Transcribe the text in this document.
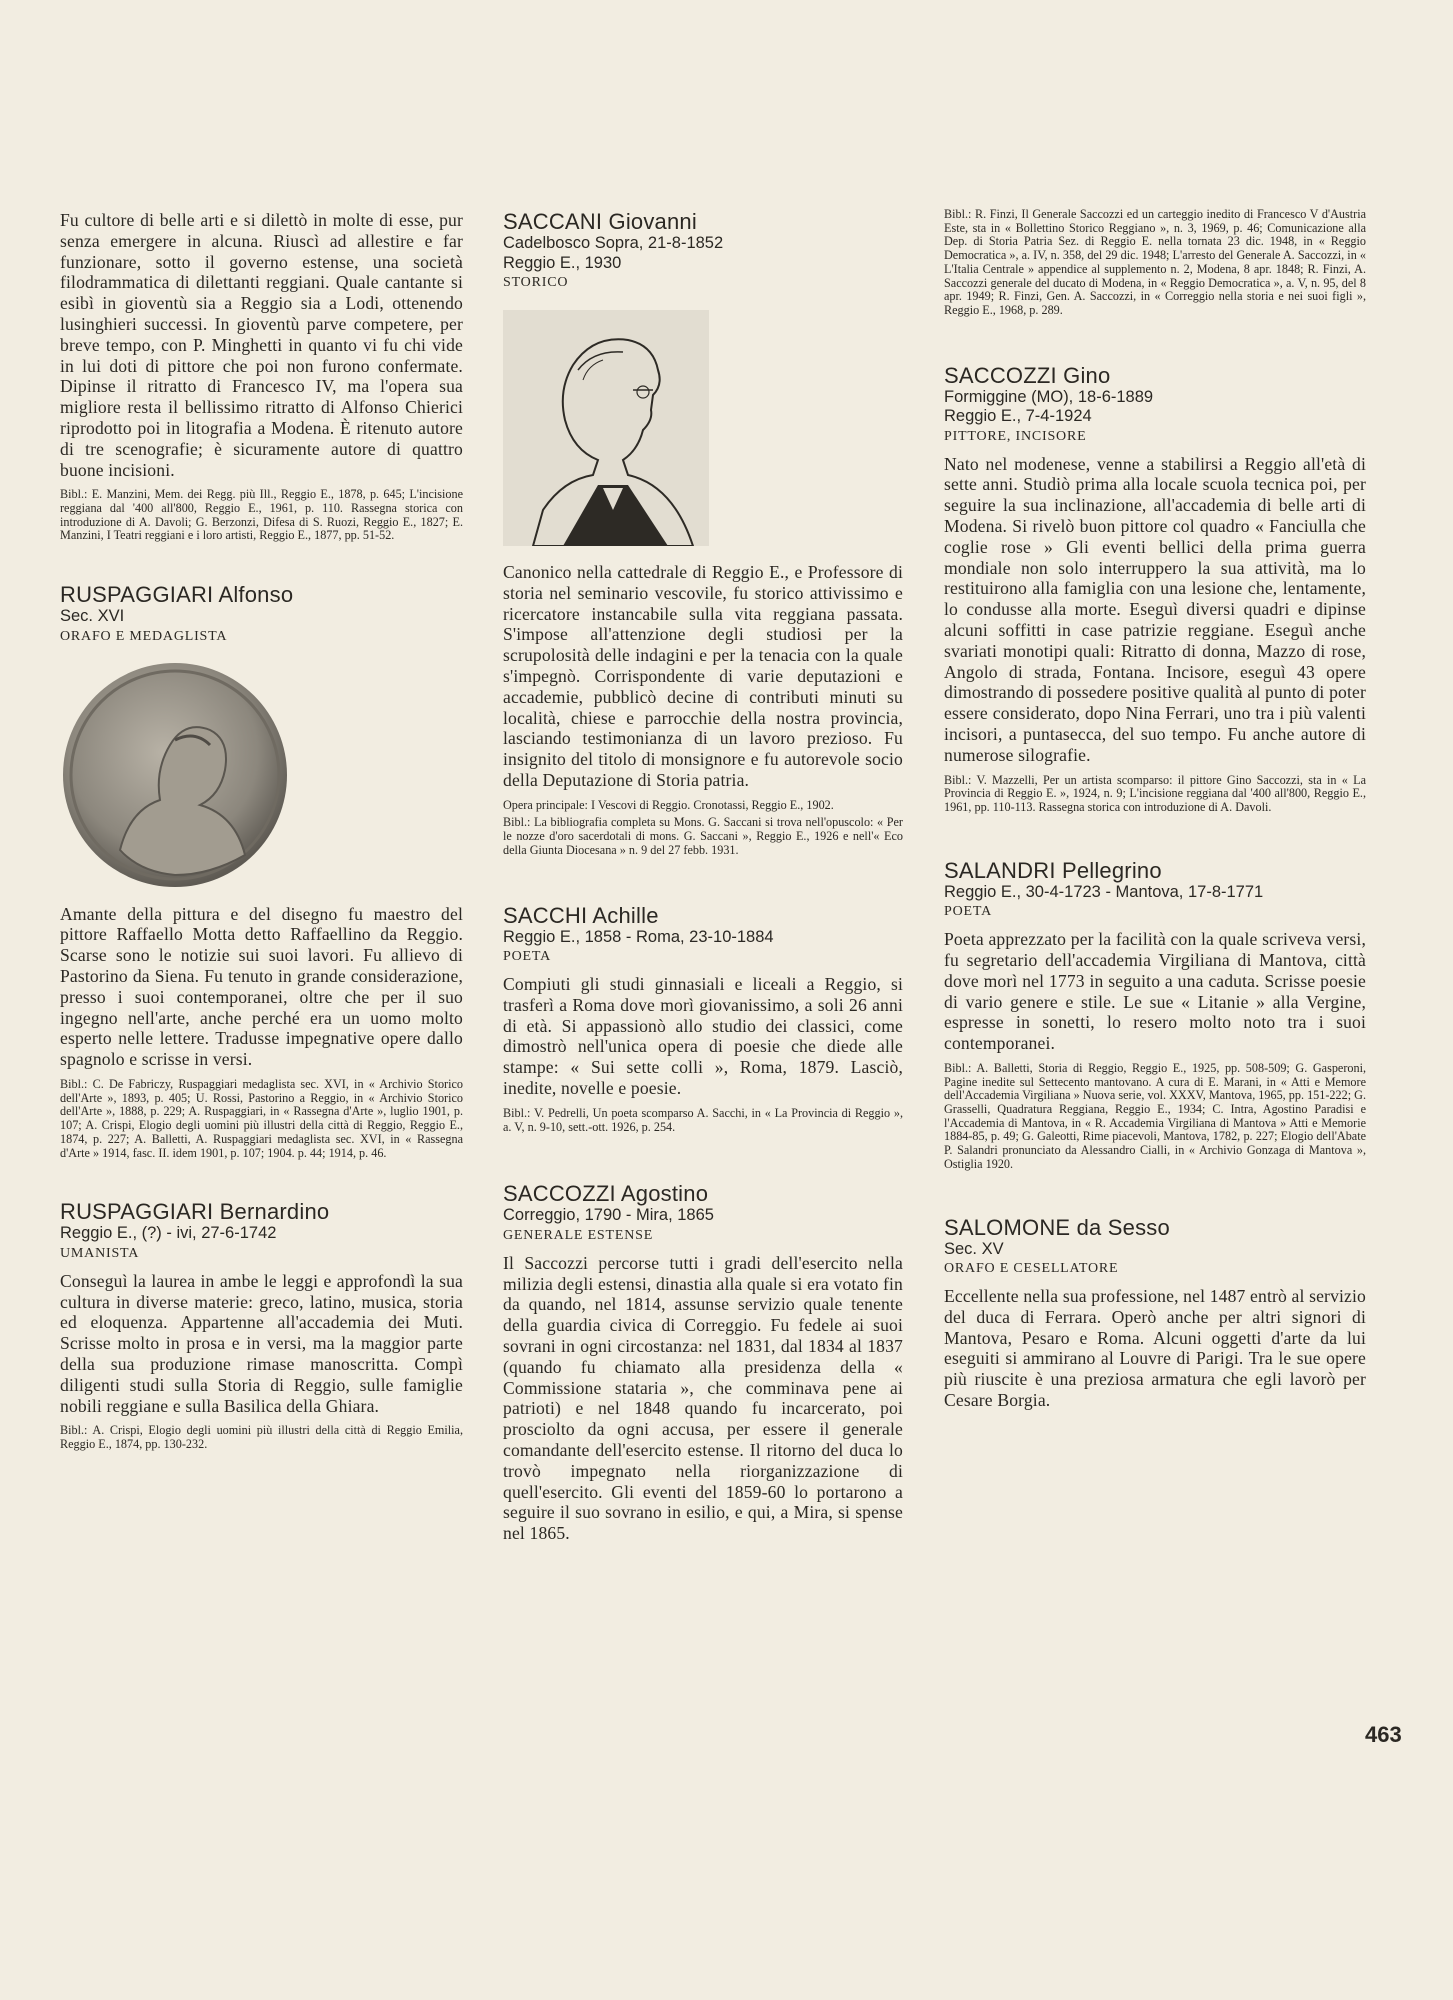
Fu cultore di belle arti e si dilettò in molte di esse, pur senza emergere in alcuna. Riuscì ad allestire e far funzionare, sotto il governo estense, una società filodrammatica di dilettanti reggiani. Quale cantante si esibì in gioventù sia a Reggio sia a Lodi, ottenendo lusinghieri successi. In gioventù parve competere, per breve tempo, con P. Minghetti in quanto vi fu chi vide in lui doti di pittore che poi non furono confermate. Dipinse il ritratto di Francesco IV, ma l'opera sua migliore resta il bellissimo ritratto di Alfonso Chierici riprodotto poi in litografia a Modena. È ritenuto autore di tre scenografie; è sicuramente autore di quattro buone incisioni.

Bibl.: E. Manzini, Mem. dei Regg. più Ill., Reggio E., 1878, p. 645; L'incisione reggiana dal '400 all'800, Reggio E., 1961, p. 110. Rassegna storica con introduzione di A. Davoli; G. Berzonzi, Difesa di S. Ruozi, Reggio E., 1827; E. Manzini, I Teatri reggiani e i loro artisti, Reggio E., 1877, pp. 51-52.

RUSPAGGIARI Alfonso

Sec. XVI

ORAFO E MEDAGLISTA

Amante della pittura e del disegno fu maestro del pittore Raffaello Motta detto Raffaellino da Reggio. Scarse sono le notizie sui suoi lavori. Fu allievo di Pastorino da Siena. Fu tenuto in grande considerazione, presso i suoi contemporanei, oltre che per il suo ingegno nell'arte, anche perché era un uomo molto esperto nelle lettere. Tradusse impegnative opere dallo spagnolo e scrisse in versi.

Bibl.: C. De Fabriczy, Ruspaggiari medaglista sec. XVI, in « Archivio Storico dell'Arte », 1893, p. 405; U. Rossi, Pastorino a Reggio, in « Archivio Storico dell'Arte », 1888, p. 229; A. Ruspaggiari, in « Rassegna d'Arte », luglio 1901, p. 107; A. Crispi, Elogio degli uomini più illustri della città di Reggio, Reggio E., 1874, p. 227; A. Balletti, A. Ruspaggiari medaglista sec. XVI, in « Rassegna d'Arte » 1914, fasc. II. idem 1901, p. 107; 1904. p. 44; 1914, p. 46.

RUSPAGGIARI Bernardino

Reggio E., (?) - ivi, 27-6-1742

UMANISTA

Conseguì la laurea in ambe le leggi e approfondì la sua cultura in diverse materie: greco, latino, musica, storia ed eloquenza. Appartenne all'accademia dei Muti. Scrisse molto in prosa e in versi, ma la maggior parte della sua produzione rimase manoscritta. Compì diligenti studi sulla Storia di Reggio, sulle famiglie nobili reggiane e sulla Basilica della Ghiara.

Bibl.: A. Crispi, Elogio degli uomini più illustri della città di Reggio Emilia, Reggio E., 1874, pp. 130-232.

SACCANI Giovanni

Cadelbosco Sopra, 21-8-1852

Reggio E., 1930

STORICO

Canonico nella cattedrale di Reggio E., e Professore di storia nel seminario vescovile, fu storico attivissimo e ricercatore instancabile sulla vita reggiana passata. S'impose all'attenzione degli studiosi per la scrupolosità delle indagini e per la tenacia con la quale s'impegnò. Corrispondente di varie deputazioni e accademie, pubblicò decine di contributi minuti su località, chiese e parrocchie della nostra provincia, lasciando testimonianza di un lavoro prezioso. Fu insignito del titolo di monsignore e fu autorevole socio della Deputazione di Storia patria.

Opera principale: I Vescovi di Reggio. Cronotassi, Reggio E., 1902.

Bibl.: La bibliografia completa su Mons. G. Saccani si trova nell'opuscolo: « Per le nozze d'oro sacerdotali di mons. G. Saccani », Reggio E., 1926 e nell'« Eco della Giunta Diocesana » n. 9 del 27 febb. 1931.

SACCHI Achille

Reggio E., 1858 - Roma, 23-10-1884

POETA

Compiuti gli studi ginnasiali e liceali a Reggio, si trasferì a Roma dove morì giovanissimo, a soli 26 anni di età. Si appassionò allo studio dei classici, come dimostrò nell'unica opera di poesie che diede alle stampe: « Sui sette colli », Roma, 1879. Lasciò, inedite, novelle e poesie.

Bibl.: V. Pedrelli, Un poeta scomparso A. Sacchi, in « La Provincia di Reggio », a. V, n. 9-10, sett.-ott. 1926, p. 254.

SACCOZZI Agostino

Correggio, 1790 - Mira, 1865

GENERALE ESTENSE

Il Saccozzi percorse tutti i gradi dell'esercito nella milizia degli estensi, dinastia alla quale si era votato fin da quando, nel 1814, assunse servizio quale tenente della guardia civica di Correggio. Fu fedele ai suoi sovrani in ogni circostanza: nel 1831, dal 1834 al 1837 (quando fu chiamato alla presidenza della « Commissione stataria », che comminava pene ai patrioti) e nel 1848 quando fu incarcerato, poi prosciolto da ogni accusa, per essere il generale comandante dell'esercito estense. Il ritorno del duca lo trovò impegnato nella riorganizzazione di quell'esercito. Gli eventi del 1859-60 lo portarono a seguire il suo sovrano in esilio, e qui, a Mira, si spense nel 1865.

Bibl.: R. Finzi, Il Generale Saccozzi ed un carteggio inedito di Francesco V d'Austria Este, sta in « Bollettino Storico Reggiano », n. 3, 1969, p. 46; Comunicazione alla Dep. di Storia Patria Sez. di Reggio E. nella tornata 23 dic. 1948, in « Reggio Democratica », a. IV, n. 358, del 29 dic. 1948; L'arresto del Generale A. Saccozzi, in « L'Italia Centrale » appendice al supplemento n. 2, Modena, 8 apr. 1848; R. Finzi, A. Saccozzi generale del ducato di Modena, in « Reggio Democratica », a. V, n. 95, del 8 apr. 1949; R. Finzi, Gen. A. Saccozzi, in « Correggio nella storia e nei suoi figli », Reggio E., 1968, p. 289.

SACCOZZI Gino

Formiggine (MO), 18-6-1889

Reggio E., 7-4-1924

PITTORE, INCISORE

Nato nel modenese, venne a stabilirsi a Reggio all'età di sette anni. Studiò prima alla locale scuola tecnica poi, per seguire la sua inclinazione, all'accademia di belle arti di Modena. Si rivelò buon pittore col quadro « Fanciulla che coglie rose » Gli eventi bellici della prima guerra mondiale non solo interruppero la sua attività, ma lo restituirono alla famiglia con una lesione che, lentamente, lo condusse alla morte. Eseguì diversi quadri e dipinse alcuni soffitti in case patrizie reggiane. Eseguì anche svariati monotipi quali: Ritratto di donna, Mazzo di rose, Angolo di strada, Fontana. Incisore, eseguì 43 opere dimostrando di possedere positive qualità al punto di poter essere considerato, dopo Nina Ferrari, uno tra i più valenti incisori, a puntasecca, del suo tempo. Fu anche autore di numerose silografie.

Bibl.: V. Mazzelli, Per un artista scomparso: il pittore Gino Saccozzi, sta in « La Provincia di Reggio E. », 1924, n. 9; L'incisione reggiana dal '400 all'800, Reggio E., 1961, pp. 110-113. Rassegna storica con introduzione di A. Davoli.

SALANDRI Pellegrino

Reggio E., 30-4-1723 - Mantova, 17-8-1771

POETA

Poeta apprezzato per la facilità con la quale scriveva versi, fu segretario dell'accademia Virgiliana di Mantova, città dove morì nel 1773 in seguito a una caduta. Scrisse poesie di vario genere e stile. Le sue « Litanie » alla Vergine, espresse in sonetti, lo resero molto noto tra i suoi contemporanei.

Bibl.: A. Balletti, Storia di Reggio, Reggio E., 1925, pp. 508-509; G. Gasperoni, Pagine inedite sul Settecento mantovano. A cura di E. Marani, in « Atti e Memore dell'Accademia Virgiliana » Nuova serie, vol. XXXV, Mantova, 1965, pp. 151-222; G. Grasselli, Quadratura Reggiana, Reggio E., 1934; C. Intra, Agostino Paradisi e l'Accademia di Mantova, in « R. Accademia Virgiliana di Mantova » Atti e Memorie 1884-85, p. 49; G. Galeotti, Rime piacevoli, Mantova, 1782, p. 227; Elogio dell'Abate P. Salandri pronunciato da Alessandro Cialli, in « Archivio Gonzaga di Mantova », Ostiglia 1920.

SALOMONE da Sesso

Sec. XV

ORAFO E CESELLATORE

Eccellente nella sua professione, nel 1487 entrò al servizio del duca di Ferrara. Operò anche per altri signori di Mantova, Pesaro e Roma. Alcuni oggetti d'arte da lui eseguiti si ammirano al Louvre di Parigi. Tra le sue opere più riuscite è una preziosa armatura che egli lavorò per Cesare Borgia.

463
